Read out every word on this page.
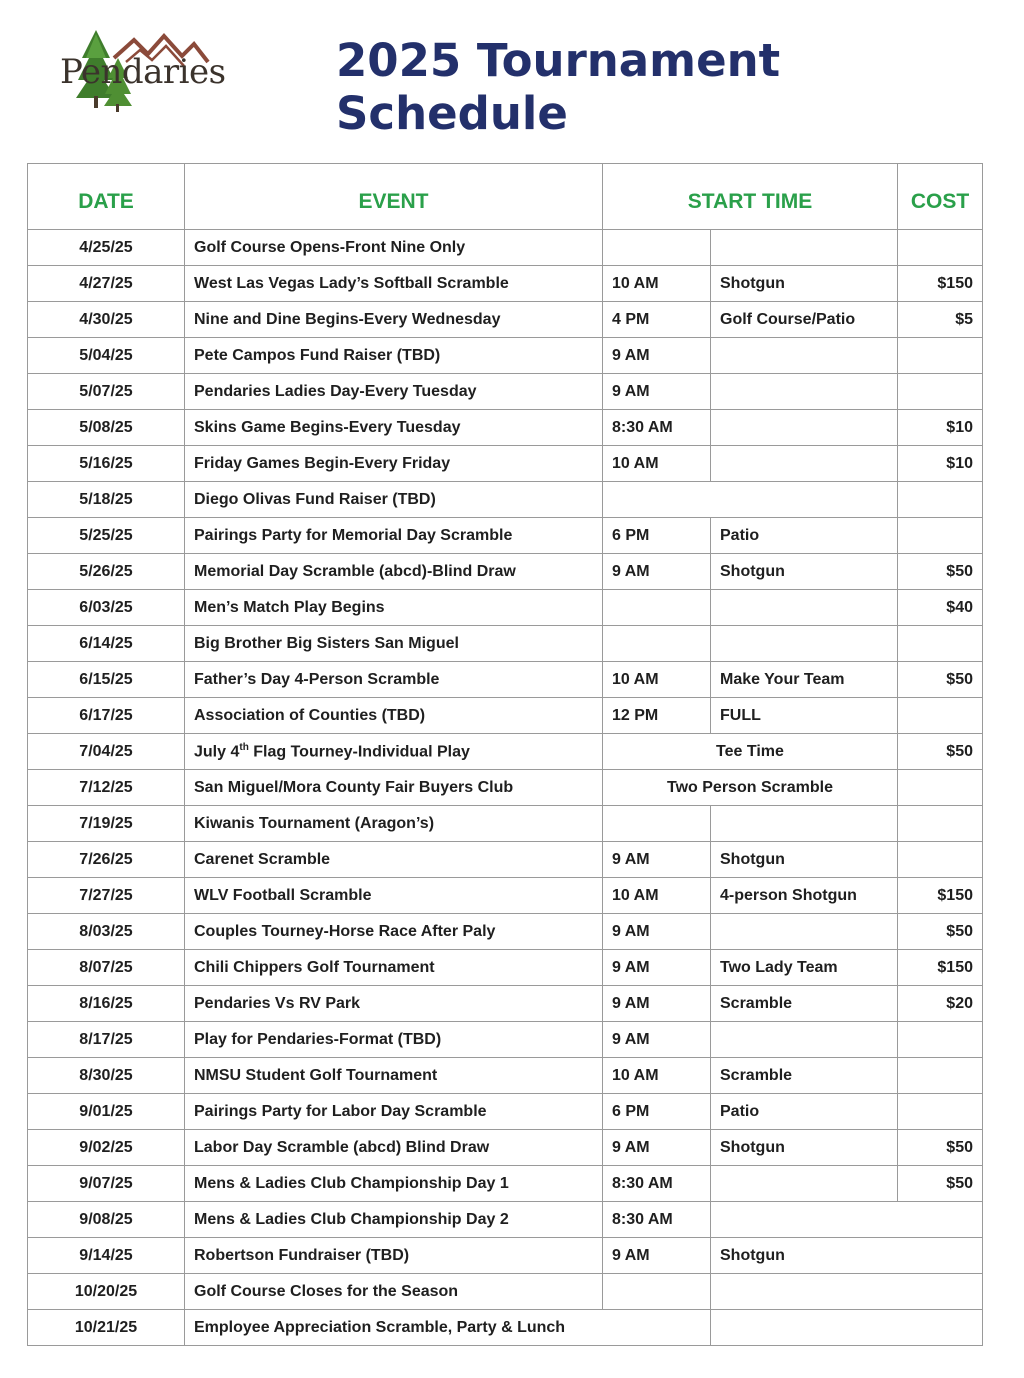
Pendaries 2025 Tournament Schedule
DATE	EVENT	START TIME		COST
4/25/25	Golf Course Opens-Front Nine Only			
4/27/25	West Las Vegas Lady’s Softball Scramble	10 AM	Shotgun	$150
4/30/25	Nine and Dine Begins-Every Wednesday	4 PM	Golf Course/Patio	$5
5/04/25	Pete Campos Fund Raiser (TBD)	9 AM		
5/07/25	Pendaries Ladies Day-Every Tuesday	9 AM		
5/08/25	Skins Game Begins-Every Tuesday	8:30 AM		$10
5/16/25	Friday Games Begin-Every Friday	10 AM		$10
5/18/25	Diego Olivas Fund Raiser (TBD)			
5/25/25	Pairings Party for Memorial Day Scramble	6 PM	Patio	
5/26/25	Memorial Day Scramble (abcd)-Blind Draw	9 AM	Shotgun	$50
6/03/25	Men’s Match Play Begins			$40
6/14/25	Big Brother Big Sisters San Miguel			
6/15/25	Father’s Day 4-Person Scramble	10 AM	Make Your Team	$50
6/17/25	Association of Counties (TBD)	12 PM	FULL	
7/04/25	July 4th Flag Tourney-Individual Play	Tee Time		$50
7/12/25	San Miguel/Mora County Fair Buyers Club	Two Person Scramble		
7/19/25	Kiwanis Tournament (Aragon’s)			
7/26/25	Carenet Scramble	9 AM	Shotgun	
7/27/25	WLV Football Scramble	10 AM	4-person Shotgun	$150
8/03/25	Couples Tourney-Horse Race After Paly	9 AM		$50
8/07/25	Chili Chippers Golf Tournament	9 AM	Two Lady Team	$150
8/16/25	Pendaries Vs RV Park	9 AM	Scramble	$20
8/17/25	Play for Pendaries-Format (TBD)	9 AM		
8/30/25	NMSU Student Golf Tournament	10 AM	Scramble	
9/01/25	Pairings Party for Labor Day Scramble	6 PM	Patio	
9/02/25	Labor Day Scramble (abcd) Blind Draw	9 AM	Shotgun	$50
9/07/25	Mens & Ladies Club Championship Day 1	8:30 AM		$50
9/08/25	Mens & Ladies Club Championship Day 2	8:30 AM		
9/14/25	Robertson Fundraiser (TBD)	9 AM	Shotgun	
10/20/25	Golf Course Closes for the Season			
10/21/25	Employee Appreciation Scramble, Party & Lunch			
